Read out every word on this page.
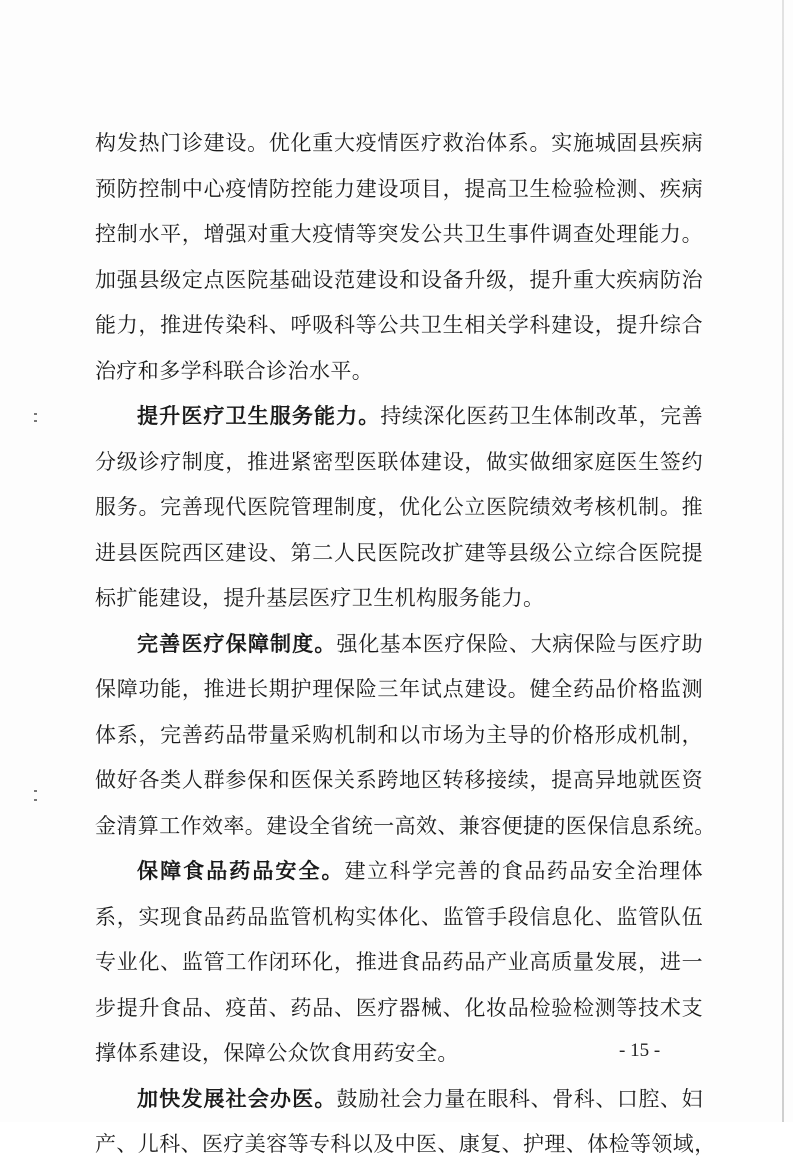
构发热门诊建设。优化重大疫情医疗救治体系。实施城固县疾病
预防控制中心疫情防控能力建设项目，提高卫生检验检测、疾病
控制水平，增强对重大疫情等突发公共卫生事件调查处理能力。
加强县级定点医院基础设范建设和设备升级，提升重大疾病防治
能力，推进传染科、呼吸科等公共卫生相关学科建设，提升综合
治疗和多学科联合诊治水平。
提升医疗卫生服务能力。持续深化医药卫生体制改革，完善
分级诊疗制度，推进紧密型医联体建设，做实做细家庭医生签约
服务。完善现代医院管理制度，优化公立医院绩效考核机制。推
进县医院西区建设、第二人民医院改扩建等县级公立综合医院提
标扩能建设，提升基层医疗卫生机构服务能力。
完善医疗保障制度。强化基本医疗保险、大病保险与医疗助
保障功能，推进长期护理保险三年试点建设。健全药品价格监测
体系，完善药品带量采购机制和以市场为主导的价格形成机制，
做好各类人群参保和医保关系跨地区转移接续，提高异地就医资
金清算工作效率。建设全省统一高效、兼容便捷的医保信息系统。
保障食品药品安全。建立科学完善的食品药品安全治理体
系，实现食品药品监管机构实体化、监管手段信息化、监管队伍
专业化、监管工作闭环化，推进食品药品产业高质量发展，进一
步提升食品、疫苗、药品、医疗器械、化妆品检验检测等技术支
撑体系建设，保障公众饮食用药安全。
加快发展社会办医。鼓励社会力量在眼科、骨科、口腔、妇
产、儿科、医疗美容等专科以及中医、康复、护理、体检等领域，
- 15 -
